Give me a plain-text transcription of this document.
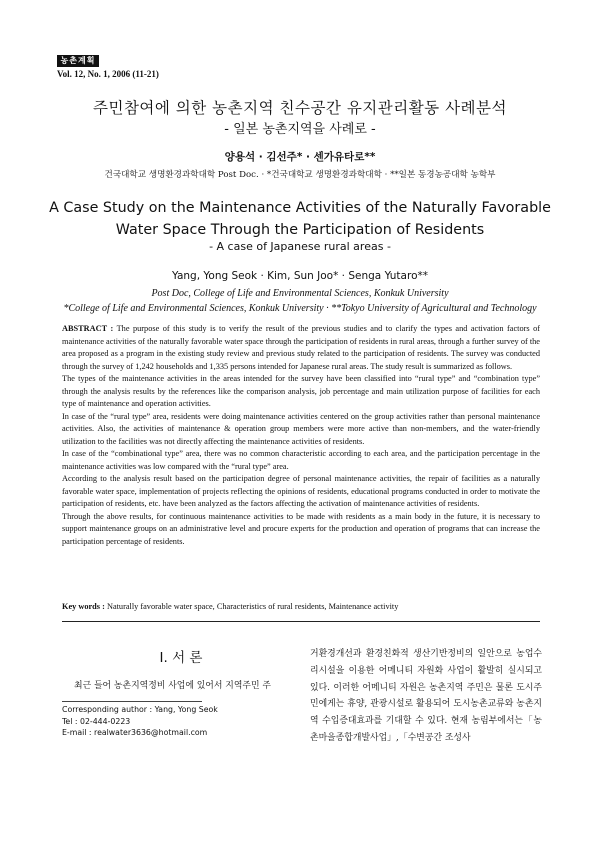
농촌계획
Vol. 12, No. 1, 2006 (11-21)
주민참여에 의한 농촌지역 친수공간 유지관리활동 사례분석
- 일본 농촌지역을 사례로 -
양용석 · 김선주* · 센가유타로**
건국대학교 생명환경과학대학 Post Doc. · *건국대학교 생명환경과학대학 · **일본 동경농공대학 농학부
A Case Study on the Maintenance Activities of the Naturally Favorable Water Space Through the Participation of Residents
- A case of Japanese rural areas -
Yang, Yong Seok · Kim, Sun Joo* · Senga Yutaro**
Post Doc, College of Life and Environmental Sciences, Konkuk University
*College of Life and Environmental Sciences, Konkuk University · **Tokyo University of Agricultural and Technology

ABSTRACT : The purpose of this study is to verify the result of the previous studies and to clarify the types and activation factors of maintenance activities of the naturally favorable water space through the participation of residents in rural areas, through a further survey of the area proposed as a program in the existing study review and previous study related to the participation of residents. The survey was conducted through the survey of 1,242 households and 1,335 persons intended for Japanese rural areas. The study result is summarized as follows.

The types of the maintenance activities in the areas intended for the survey have been classified into “rural type” and “combination type” through the analysis results by the references like the comparison analysis, job percentage and main utilization purpose of facilities for each type of maintenance and operation activities.

In case of the “rural type” area, residents were doing maintenance activities centered on the group activities rather than personal maintenance activities. Also, the activities of maintenance & operation group members were more active than non-members, and the water-friendly utilization to the facilities was not directly affecting the maintenance activities of residents.

In case of the “combinational type” area, there was no common characteristic according to each area, and the participation percentage in the maintenance activities was low compared with the “rural type” area.

According to the analysis result based on the participation degree of personal maintenance activities, the repair of facilities as a naturally favorable water space, implementation of projects reflecting the opinions of residents, educational programs conducted in order to motivate the participation of residents, etc. have been analyzed as the factors affecting the activation of maintenance activities of residents.

Through the above results, for continuous maintenance activities to be made with residents as a main body in the future, it is necessary to support maintenance groups on an administrative level and procure experts for the production and operation of programs that can increase the participation percentage of residents.

Key words : Naturally favorable water space, Characteristics of rural residents, Maintenance activity
I. 서 론
최근 들어 농촌지역정비 사업에 있어서 지역주민 주
Corresponding author : Yang, Yong Seok
Tel : 02-444-0223
E-mail : realwater3636@hotmail.com
거환경개선과 환경친화적 생산기반정비의 일안으로 농업수리시설을 이용한 어메니티 자원화 사업이 활발히 실시되고 있다. 이러한 어메니티 자원은 농촌지역 주민은 물론 도시주민에게는 휴양, 관광시설로 활용되어 도시농촌교류와 농촌지역 수입증대효과를 기대할 수 있다. 현재 농림부에서는「농촌마을종합개발사업」,「수변공간 조성사
